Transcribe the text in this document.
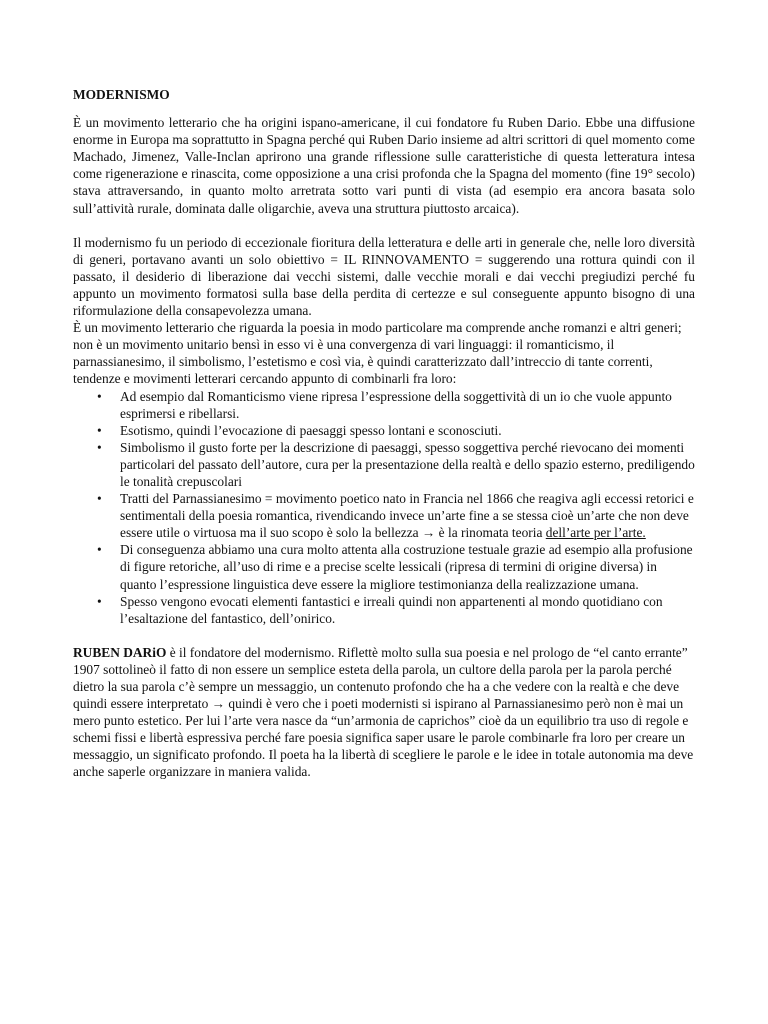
MODERNISMO

È un movimento letterario che ha origini ispano-americane, il cui fondatore fu Ruben Dario. Ebbe una diffusione enorme in Europa ma soprattutto in Spagna perché qui Ruben Dario insieme ad altri scrittori di quel momento come Machado, Jimenez, Valle-Inclan aprirono una grande riflessione sulle caratteristiche di questa letteratura intesa come rigenerazione e rinascita, come opposizione a una crisi profonda che la Spagna del momento (fine 19° secolo) stava attraversando, in quanto molto arretrata sotto vari punti di vista (ad esempio era ancora basata solo sull’attività rurale, dominata dalle oligarchie, aveva una struttura piuttosto arcaica).

Il modernismo fu un periodo di eccezionale fioritura della letteratura e delle arti in generale che, nelle loro diversità di generi, portavano avanti un solo obiettivo = IL RINNOVAMENTO = suggerendo una rottura quindi con il passato, il desiderio di liberazione dai vecchi sistemi, dalle vecchie morali e dai vecchi pregiudizi perché fu appunto un movimento formatosi sulla base della perdita di certezze e sul conseguente appunto bisogno di una riformulazione della consapevolezza umana.

È un movimento letterario che riguarda la poesia in modo particolare ma comprende anche romanzi e altri generi; non è un movimento unitario bensì in esso vi è una convergenza di vari linguaggi: il romanticismo, il parnassianesimo, il simbolismo, l’estetismo e così via, è quindi caratterizzato dall’intreccio di tante correnti, tendenze e movimenti letterari cercando appunto di combinarli fra loro:

• Ad esempio dal Romanticismo viene ripresa l’espressione della soggettività di un io che vuole appunto esprimersi e ribellarsi.
• Esotismo, quindi l’evocazione di paesaggi spesso lontani e sconosciuti.
• Simbolismo il gusto forte per la descrizione di paesaggi, spesso soggettiva perché rievocano dei momenti particolari del passato dell’autore, cura per la presentazione della realtà e dello spazio esterno, prediligendo le tonalità crepuscolari
• Tratti del Parnassianesimo = movimento poetico nato in Francia nel 1866 che reagiva agli eccessi retorici e sentimentali della poesia romantica, rivendicando invece un’arte fine a se stessa cioè un’arte che non deve essere utile o virtuosa ma il suo scopo è solo la bellezza → è la rinomata teoria dell’arte per l’arte.
• Di conseguenza abbiamo una cura molto attenta alla costruzione testuale grazie ad esempio alla profusione di figure retoriche, all’uso di rime e a precise scelte lessicali (ripresa di termini di origine diversa) in quanto l’espressione linguistica deve essere la migliore testimonianza della realizzazione umana.
• Spesso vengono evocati elementi fantastici e irreali quindi non appartenenti al mondo quotidiano con l’esaltazione del fantastico, dell’onirico.

RUBEN DARiO è il fondatore del modernismo. Riflettè molto sulla sua poesia e nel prologo de “el canto errante” 1907 sottolineò il fatto di non essere un semplice esteta della parola, un cultore della parola per la parola perché dietro la sua parola c’è sempre un messaggio, un contenuto profondo che ha a che vedere con la realtà e che deve quindi essere interpretato → quindi è vero che i poeti modernisti si ispirano al Parnassianesimo però non è mai un mero punto estetico. Per lui l’arte vera nasce da “un’armonia de caprichos” cioè da un equilibrio tra uso di regole e schemi fissi e libertà espressiva perché fare poesia significa saper usare le parole combinarle fra loro per creare un messaggio, un significato profondo. Il poeta ha la libertà di scegliere le parole e le idee in totale autonomia ma deve anche saperle organizzare in maniera valida.
